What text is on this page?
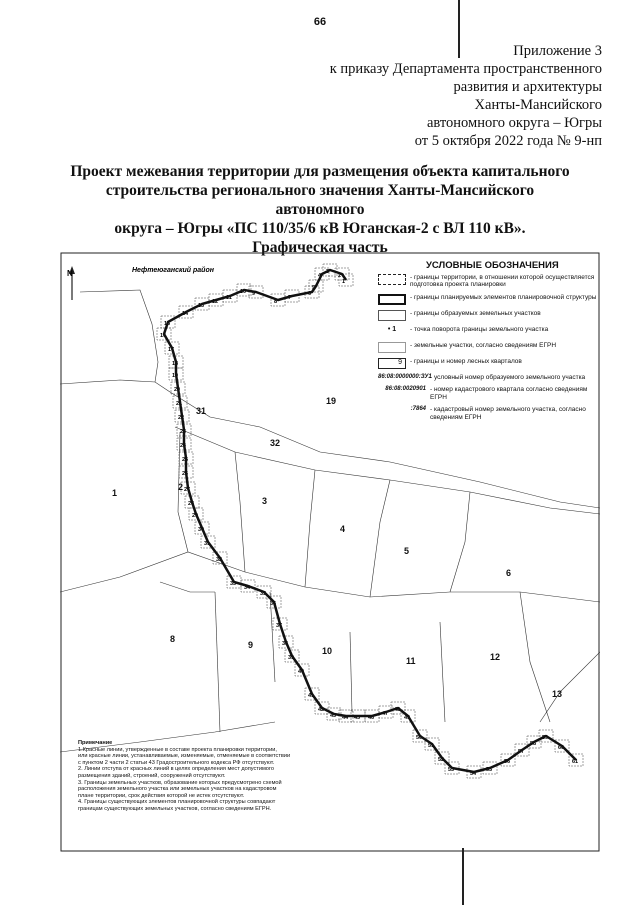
66
Приложение 3
к приказу Департамента пространственного
развития и архитектуры
Ханты-Мансийского
автономного округа – Югры
от 5 октября 2022 года № 9-нп
Проект межевания территории для размещения объекта капитального
строительства регионального значения Ханты-Мансийского автономного
округа – Югры «ПС 110/35/6 кВ Юганская-2 с ВЛ 110 кВ».
Графическая часть
N	Нефтеюганский район
1
2
3
4
5
6
8
9
10
11	12
13
19
31
32
1
2
3
4
5
6
7
8
9
10
11
12
13
14
15
16
17
18
19
20
21
22
23
24
25
26
27
28
29
30
31
32
33
34
35
36
37
38
39
40
41
42
43 44 45 46
47
48
49
50
51
52
53
54
55
56
57
58
59
60
61
УСЛОВНЫЕ ОБОЗНАЧЕНИЯ
- границы территории, в отношении которой осуществляется подготовка проекта планировки
- границы планируемых элементов планировочной структуры
- границы образуемых земельных участков
• 1	- точка поворота границы земельного участка
- земельные участки, согласно сведениям ЕГРН
9	- границы и номер лесных кварталов
86:08:0000000:ЗУ1
- условный номер образуемого земельного участка
86:08:0020901 - номер кадастрового квартала согласно сведениям ЕГРН
:7864 - кадастровый номер земельного участка, согласно сведениям ЕГРН
Примечание
1.Красные линии, утвержденные в составе проекта планировки территории,
или красные линии, устанавливаемые, изменяемые, отменяемые в соответствии
с пунктом 2 части 2 статьи 43 Градостроительного кодекса РФ отсутствуют.
2. Линии отступа от красных линий в целях определения мест допустимого
размещения зданий, строений, сооружений отсутствуют.
3. Границы земельных участков, образование которых предусмотрено схемой
расположения земельного участка или земельных участков на кадастровом
плане территории, срок действия которой не истек отсутствуют.
4. Границы существующих элементов планировочной структуры совпадают
границам существующих земельных участков, согласно сведениям ЕГРН.
